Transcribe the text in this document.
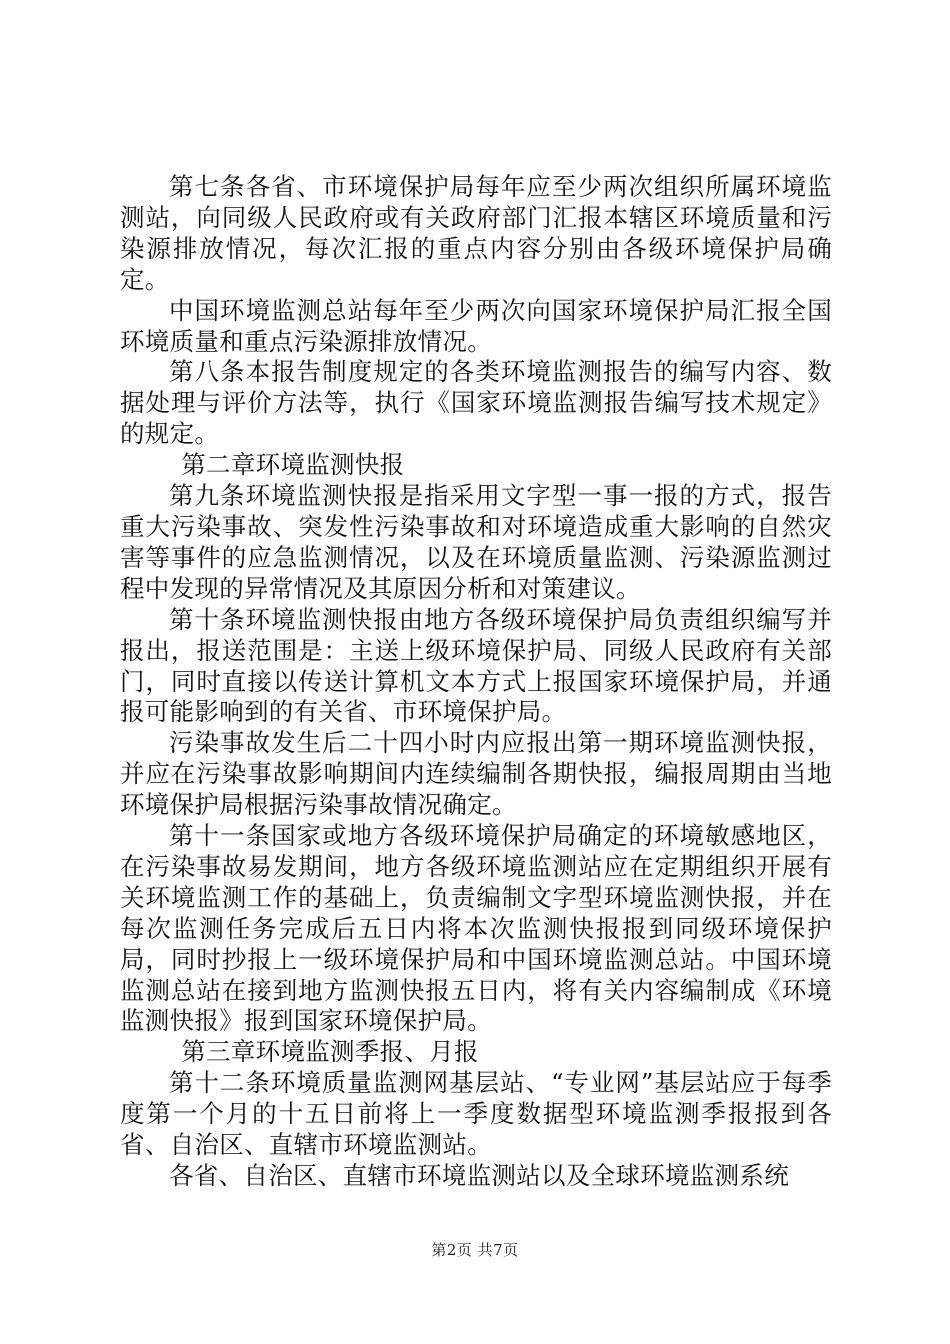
第七条各省、市环境保护局每年应至少两次组织所属环境监测站，向同级人民政府或有关政府部门汇报本辖区环境质量和污染源排放情况，每次汇报的重点内容分别由各级环境保护局确定。

中国环境监测总站每年至少两次向国家环境保护局汇报全国环境质量和重点污染源排放情况。

第八条本报告制度规定的各类环境监测报告的编写内容、数据处理与评价方法等，执行《国家环境监测报告编写技术规定》的规定。

第二章环境监测快报

第九条环境监测快报是指采用文字型一事一报的方式，报告重大污染事故、突发性污染事故和对环境造成重大影响的自然灾害等事件的应急监测情况，以及在环境质量监测、污染源监测过程中发现的异常情况及其原因分析和对策建议。

第十条环境监测快报由地方各级环境保护局负责组织编写并报出，报送范围是：主送上级环境保护局、同级人民政府有关部门，同时直接以传送计算机文本方式上报国家环境保护局，并通报可能影响到的有关省、市环境保护局。

污染事故发生后二十四小时内应报出第一期环境监测快报，并应在污染事故影响期间内连续编制各期快报，编报周期由当地环境保护局根据污染事故情况确定。

第十一条国家或地方各级环境保护局确定的环境敏感地区，在污染事故易发期间，地方各级环境监测站应在定期组织开展有关环境监测工作的基础上，负责编制文字型环境监测快报，并在每次监测任务完成后五日内将本次监测快报报到同级环境保护局，同时抄报上一级环境保护局和中国环境监测总站。中国环境监测总站在接到地方监测快报五日内，将有关内容编制成《环境监测快报》报到国家环境保护局。

第三章环境监测季报、月报

第十二条环境质量监测网基层站、“专业网”基层站应于每季度第一个月的十五日前将上一季度数据型环境监测季报报到各省、自治区、直辖市环境监测站。

各省、自治区、直辖市环境监测站以及全球环境监测系统

第2页 共7页
